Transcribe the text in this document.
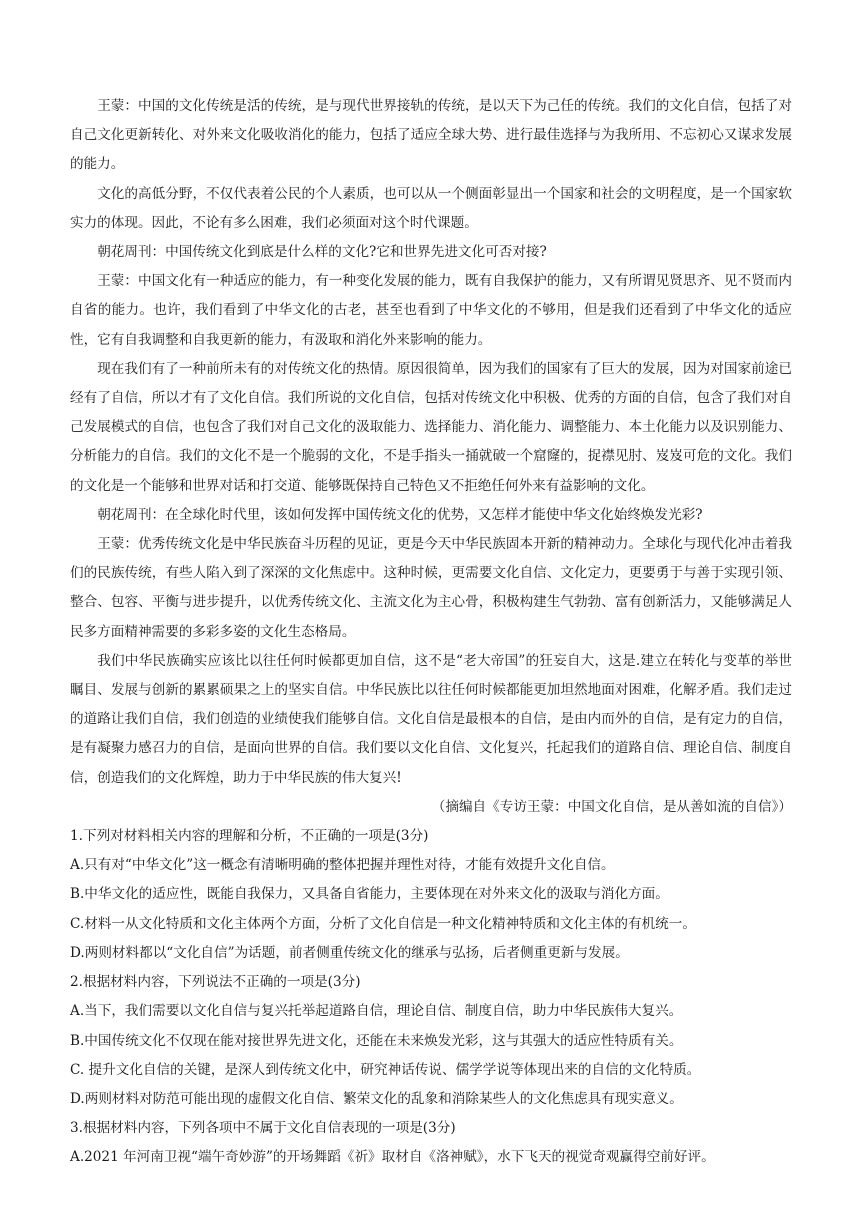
王蒙：中国的文化传统是活的传统，是与现代世界接轨的传统，是以天下为己任的传统。我们的文化自信，包括了对自己文化更新转化、对外来文化吸收消化的能力，包括了适应全球大势、进行最佳选择与为我所用、不忘初心又谋求发展的能力。

文化的高低分野，不仅代表着公民的个人素质，也可以从一个侧面彰显出一个国家和社会的文明程度，是一个国家软实力的体现。因此，不论有多么困难，我们必须面对这个时代课题。

朝花周刊：中国传统文化到底是什么样的文化?它和世界先进文化可否对接?

王蒙：中国文化有一种适应的能力，有一种变化发展的能力，既有自我保护的能力，又有所谓见贤思齐、见不贤而内自省的能力。也许，我们看到了中华文化的古老，甚至也看到了中华文化的不够用，但是我们还看到了中华文化的适应性，它有自我调整和自我更新的能力，有汲取和消化外来影响的能力。

现在我们有了一种前所未有的对传统文化的热情。原因很简单，因为我们的国家有了巨大的发展，因为对国家前途已经有了自信，所以才有了文化自信。我们所说的文化自信，包括对传统文化中积极、优秀的方面的自信，包含了我们对自己发展模式的自信，也包含了我们对自己文化的汲取能力、选择能力、消化能力、调整能力、本土化能力以及识别能力、分析能力的自信。我们的文化不是一个脆弱的文化，不是手指头一捅就破一个窟窿的，捉襟见肘、岌岌可危的文化。我们的文化是一个能够和世界对话和打交道、能够既保持自己特色又不拒绝任何外来有益影响的文化。

朝花周刊：在全球化时代里，该如何发挥中国传统文化的优势，又怎样才能使中华文化始终焕发光彩?

王蒙：优秀传统文化是中华民族奋斗历程的见证，更是今天中华民族固本开新的精神动力。全球化与现代化冲击着我们的民族传统，有些人陷入到了深深的文化焦虑中。这种时候，更需要文化自信、文化定力，更要勇于与善于实现引领、整合、包容、平衡与进步提升，以优秀传统文化、主流文化为主心骨，积极构建生气勃勃、富有创新活力，又能够满足人民多方面精神需要的多彩多姿的文化生态格局。

我们中华民族确实应该比以往任何时候都更加自信，这不是“老大帝国”的狂妄自大，这是.建立在转化与变革的举世瞩目、发展与创新的累累硕果之上的坚实自信。中华民族比以往任何时候都能更加坦然地面对困难，化解矛盾。我们走过的道路让我们自信，我们创造的业绩使我们能够自信。文化自信是最根本的自信，是由内而外的自信，是有定力的自信，是有凝聚力感召力的自信，是面向世界的自信。我们要以文化自信、文化复兴，托起我们的道路自信、理论自信、制度自信，创造我们的文化辉煌，助力于中华民族的伟大复兴!

（摘编自《专访王蒙：中国文化自信，是从善如流的自信》）

1.下列对材料相关内容的理解和分析，不正确的一项是(3分)

A.只有对“中华文化”这一概念有清晰明确的整体把握并理性对待，才能有效提升文化自信。

B.中华文化的适应性，既能自我保力，又具备自省能力，主要体现在对外来文化的汲取与消化方面。

C.材料一从文化特质和文化主体两个方面，分析了文化自信是一种文化精神特质和文化主体的有机统一。

D.两则材料都以“文化自信”为话题，前者侧重传统文化的继承与弘扬，后者侧重更新与发展。

2.根据材料内容，下列说法不正确的一项是(3分)

A.当下，我们需要以文化自信与复兴托举起道路自信，理论自信、制度自信，助力中华民族伟大复兴。

B.中国传统文化不仅现在能对接世界先进文化，还能在未来焕发光彩，这与其强大的适应性特质有关。

C. 提升文化自信的关键，是深人到传统文化中，研究神话传说、儒学学说等体现出来的自信的文化特质。

D.两则材料对防范可能出现的虚假文化自信、繁荣文化的乱象和消除某些人的文化焦虑具有现实意义。

3.根据材料内容，下列各项中不属于文化自信表现的一项是(3分)

A.2021 年河南卫视“端午奇妙游”的开场舞蹈《祈》取材自《洛神赋》，水下飞天的视觉奇观赢得空前好评。
